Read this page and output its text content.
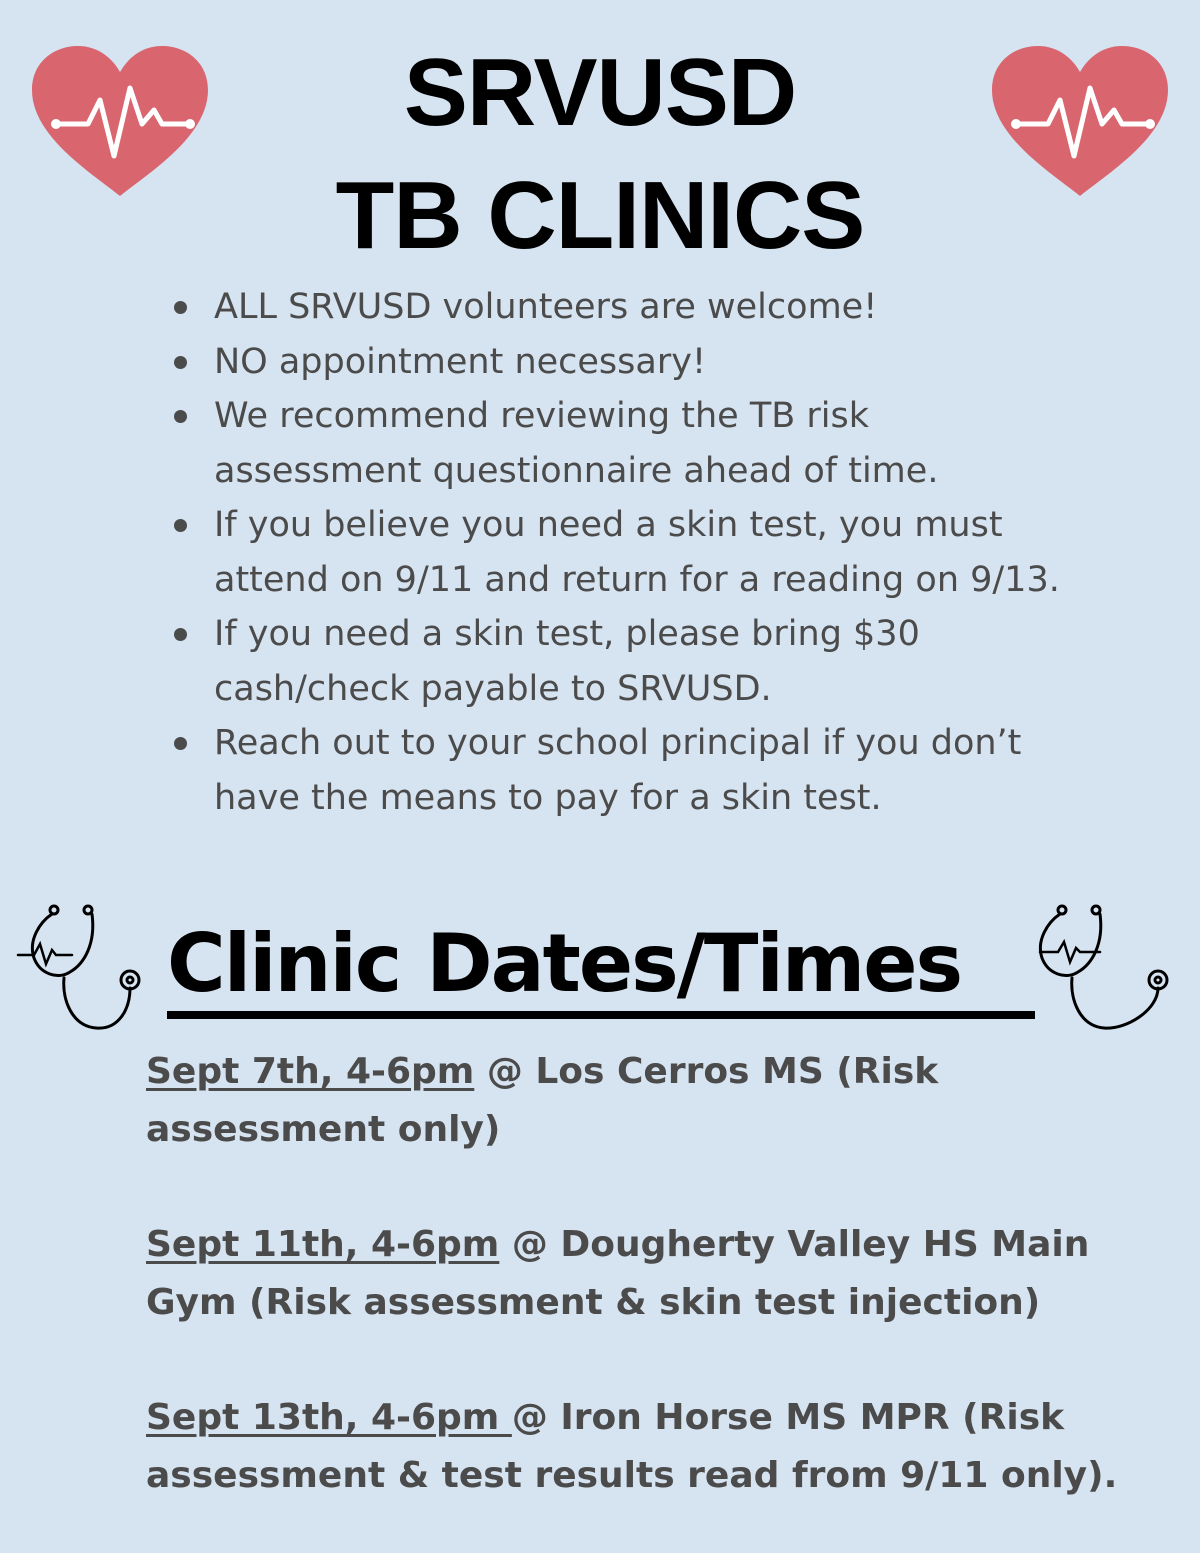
SRVUSD
TB CLINICS
ALL SRVUSD volunteers are welcome!
NO appointment necessary!
We recommend reviewing the TB risk assessment questionnaire ahead of time.
If you believe you need a skin test, you must attend on 9/11 and return for a reading on 9/13.
If you need a skin test, please bring $30 cash/check payable to SRVUSD.
Reach out to your school principal if you don’t have the means to pay for a skin test.
Clinic Dates/Times
Sept 7th, 4-6pm @ Los Cerros MS (Risk assessment only)
Sept 11th, 4-6pm @ Dougherty Valley HS Main Gym (Risk assessment & skin test injection)
Sept 13th, 4-6pm @ Iron Horse MS MPR (Risk assessment & test results read from 9/11 only).
